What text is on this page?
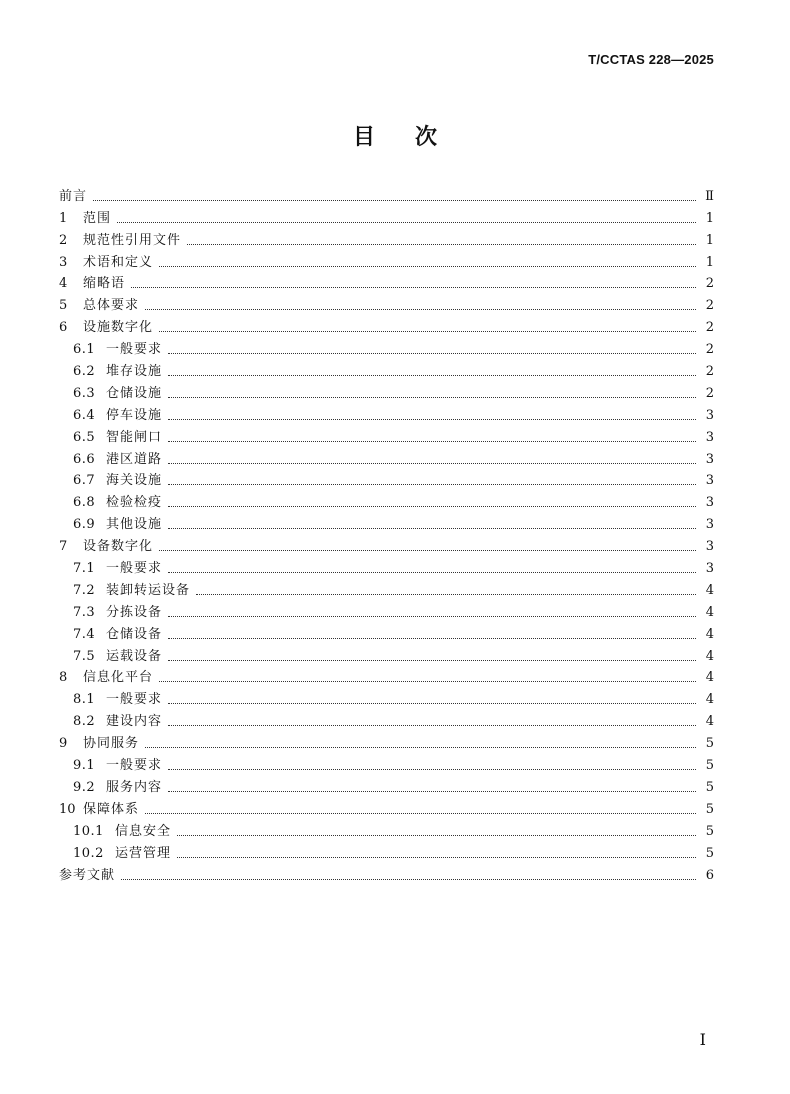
T/CCTAS 228—2025
目 次
前言	Ⅱ
1	范围	1
2	规范性引用文件	1
3	术语和定义	1
4	缩略语	2
5	总体要求	2
6	设施数字化	2
6.1 一般要求	2
6.2 堆存设施	2
6.3 仓储设施	2
6.4 停车设施	3
6.5 智能闸口	3
6.6 港区道路	3
6.7 海关设施	3
6.8 检验检疫	3
6.9 其他设施	3
7	设备数字化	3
7.1 一般要求	3
7.2 装卸转运设备	4
7.3 分拣设备	4
7.4 仓储设备	4
7.5 运载设备	4
8	信息化平台	4
8.1 一般要求	4
8.2 建设内容	4
9	协同服务	5
9.1 一般要求	5
9.2 服务内容	5
10 保障体系	5
10.1 信息安全	5
10.2 运营管理	5
参考文献	6
I
